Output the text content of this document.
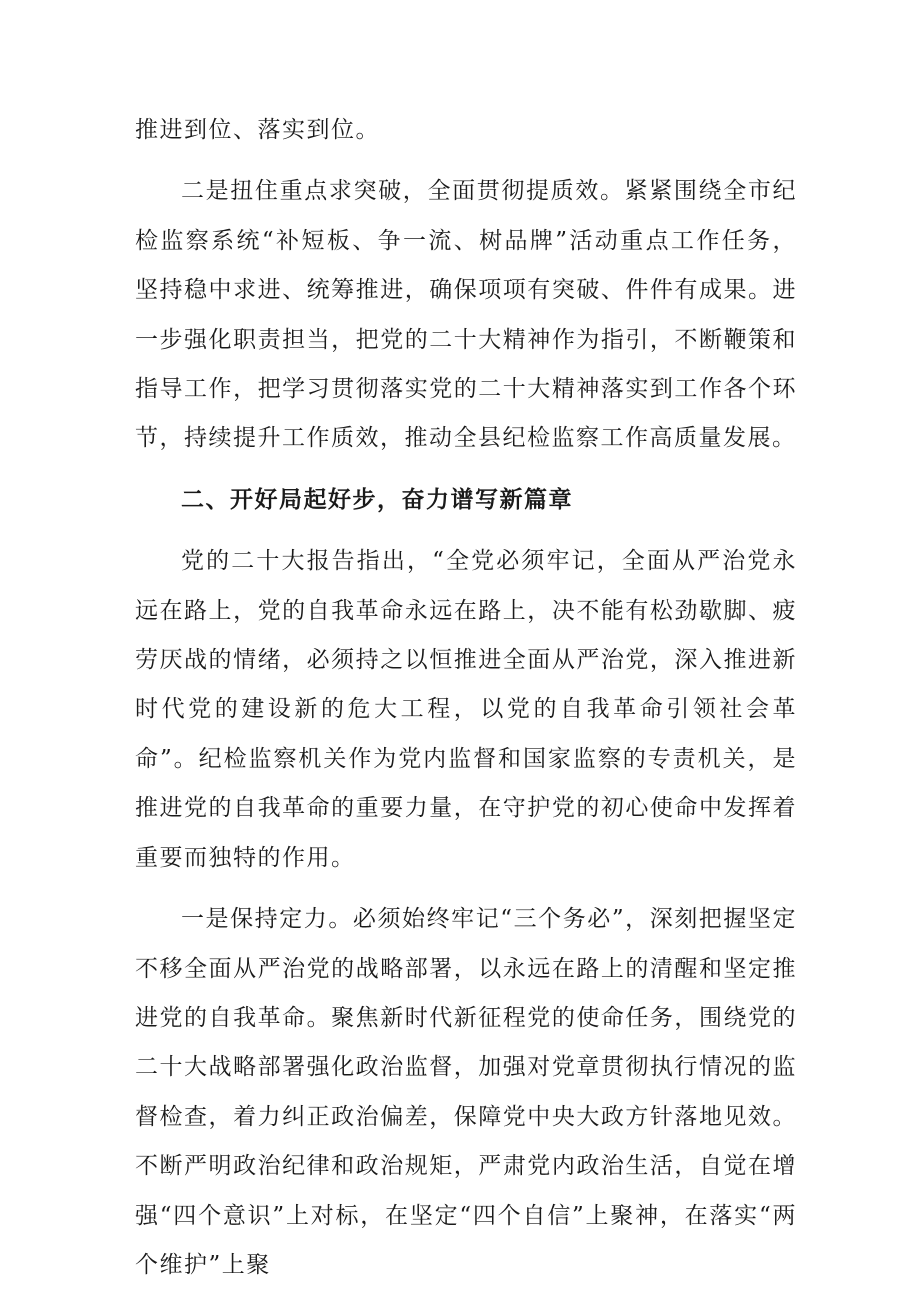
推进到位、落实到位。

二是扭住重点求突破，全面贯彻提质效。紧紧围绕全市纪检监察系统“补短板、争一流、树品牌”活动重点工作任务，坚持稳中求进、统筹推进，确保项项有突破、件件有成果。进一步强化职责担当，把党的二十大精神作为指引，不断鞭策和指导工作，把学习贯彻落实党的二十大精神落实到工作各个环节，持续提升工作质效，推动全县纪检监察工作高质量发展。

二、开好局起好步，奋力谱写新篇章

党的二十大报告指出，“全党必须牢记，全面从严治党永远在路上，党的自我革命永远在路上，决不能有松劲歇脚、疲劳厌战的情绪，必须持之以恒推进全面从严治党，深入推进新时代党的建设新的危大工程，以党的自我革命引领社会革命”。纪检监察机关作为党内监督和国家监察的专责机关，是推进党的自我革命的重要力量，在守护党的初心使命中发挥着重要而独特的作用。

一是保持定力。必须始终牢记“三个务必”，深刻把握坚定不移全面从严治党的战略部署，以永远在路上的清醒和坚定推进党的自我革命。聚焦新时代新征程党的使命任务，围绕党的二十大战略部署强化政治监督，加强对党章贯彻执行情况的监督检查，着力纠正政治偏差，保障党中央大政方针落地见效。不断严明政治纪律和政治规矩，严肃党内政治生活，自觉在增强“四个意识”上对标，在坚定“四个自信”上聚神，在落实“两个维护”上聚
